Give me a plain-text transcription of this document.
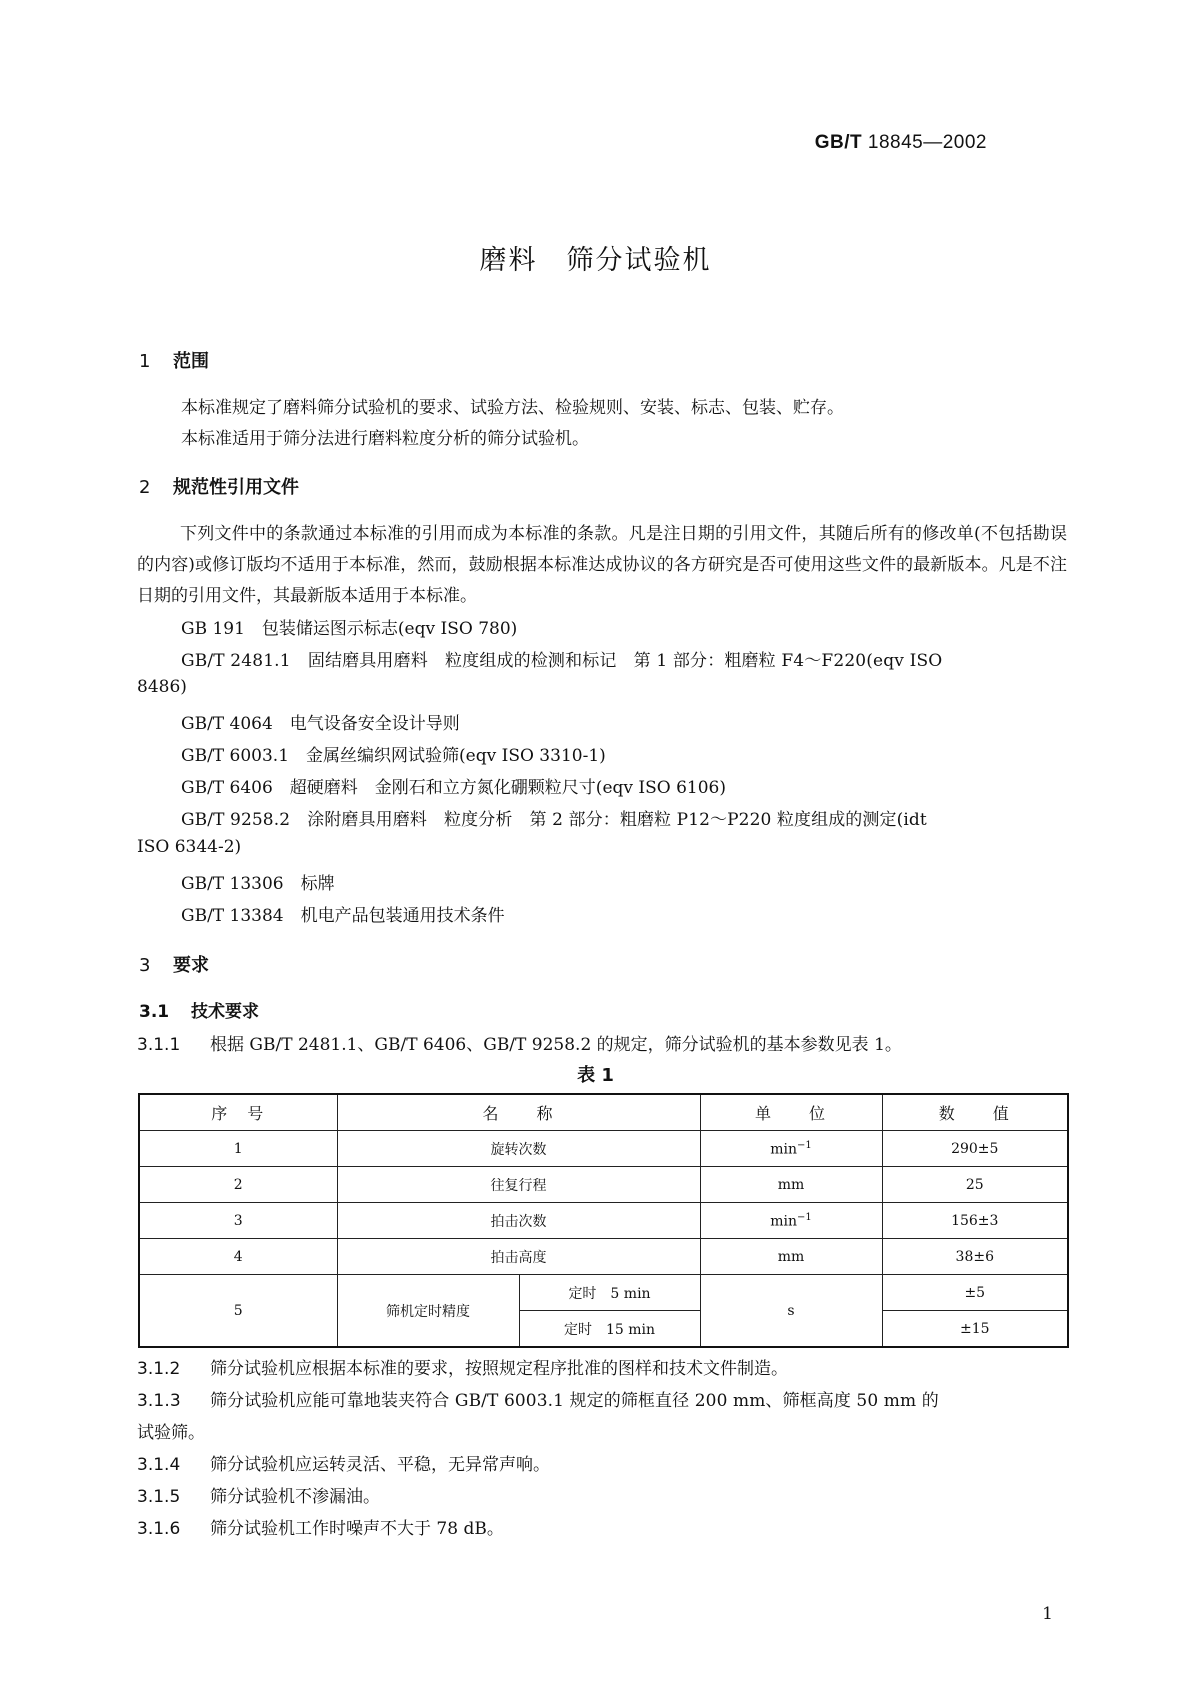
GB/T 18845—2002
磨料　筛分试验机
1 范围
本标准规定了磨料筛分试验机的要求、试验方法、检验规则、安装、标志、包装、贮存。
本标准适用于筛分法进行磨料粒度分析的筛分试验机。
2 规范性引用文件
下列文件中的条款通过本标准的引用而成为本标准的条款。凡是注日期的引用文件，其随后所有的修改单(不包括勘误的内容)或修订版均不适用于本标准，然而，鼓励根据本标准达成协议的各方研究是否可使用这些文件的最新版本。凡是不注日期的引用文件，其最新版本适用于本标准。
GB 191　包装储运图示标志(eqv ISO 780)
GB/T 2481.1　固结磨具用磨料　粒度组成的检测和标记　第 1 部分：粗磨粒 F4～F220(eqv ISO
8486)
GB/T 4064　电气设备安全设计导则
GB/T 6003.1　金属丝编织网试验筛(eqv ISO 3310-1)
GB/T 6406　超硬磨料　金刚石和立方氮化硼颗粒尺寸(eqv ISO 6106)
GB/T 9258.2　涂附磨具用磨料　粒度分析　第 2 部分：粗磨粒 P12～P220 粒度组成的测定(idt
ISO 6344-2)
GB/T 13306　标牌
GB/T 13384　机电产品包装通用技术条件
3 要求
3.1 技术要求
3.1.1 根据 GB/T 2481.1、GB/T 6406、GB/T 9258.2 的规定，筛分试验机的基本参数见表 1。
表 1
序　号	名　　称		单　　位	数　　值
1	旋转次数		$\min^{-1}$	290±5
2	往复行程		mm	25
3	拍击次数		$\min^{-1}$	156±3
4	拍击高度		mm	38±6
5	筛机定时精度	定时　5 min	s	±5
		定时　15 min		±15
3.1.2 筛分试验机应根据本标准的要求，按照规定程序批准的图样和技术文件制造。
3.1.3 筛分试验机应能可靠地装夹符合 GB/T 6003.1 规定的筛框直径 200 mm、筛框高度 50 mm 的
试验筛。
3.1.4 筛分试验机应运转灵活、平稳，无异常声响。
3.1.5 筛分试验机不渗漏油。
3.1.6 筛分试验机工作时噪声不大于 78 dB。
1
